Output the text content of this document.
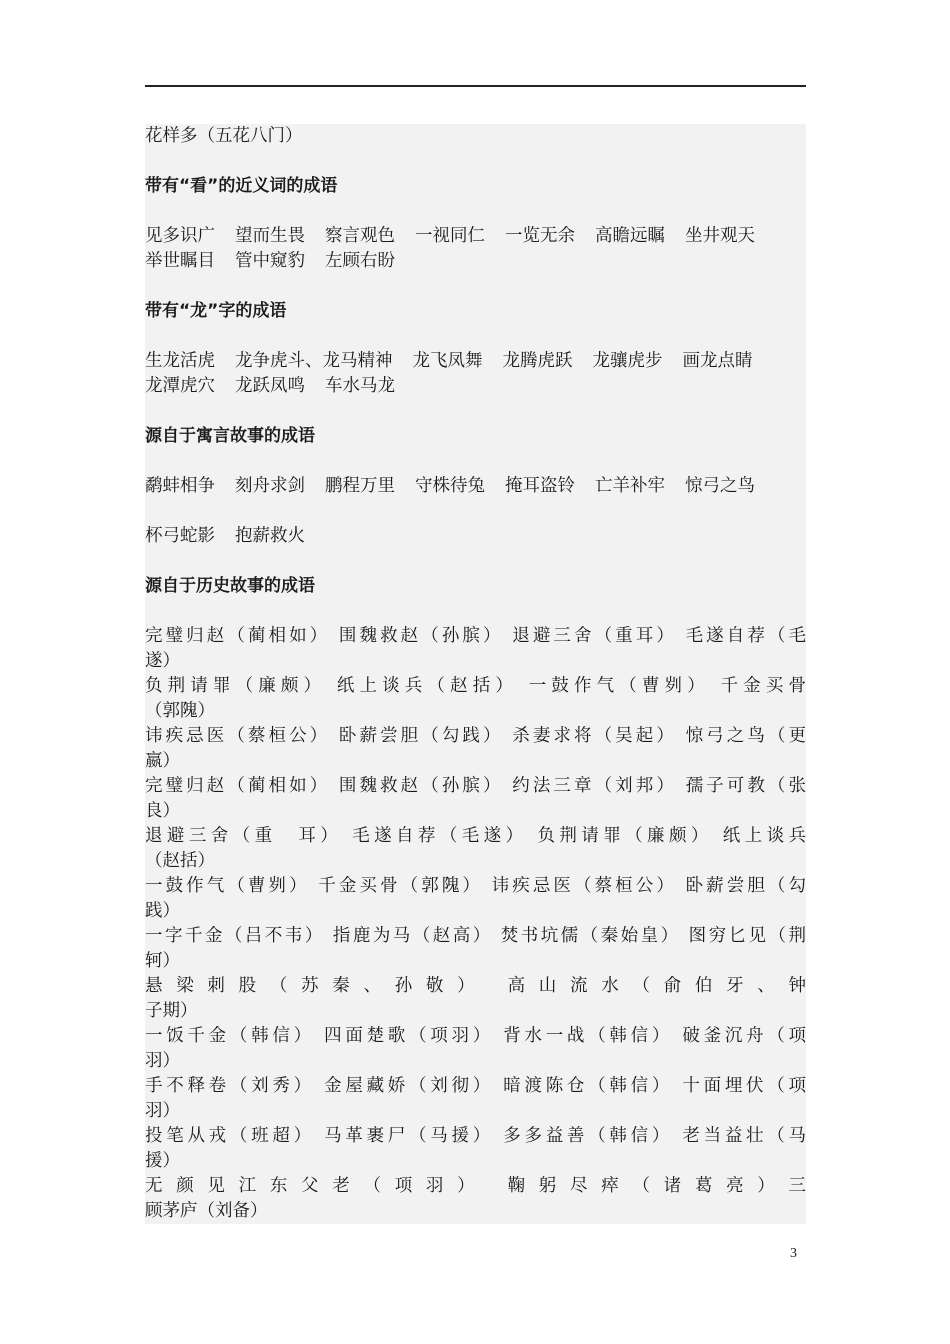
花样多（五花八门）
带有“看”的近义词的成语
见多识广 望而生畏 察言观色 一视同仁 一览无余 高瞻远瞩 坐井观天
举世瞩目 管中窥豹 左顾右盼
带有“龙”字的成语
生龙活虎 龙争虎斗、龙马精神 龙飞凤舞 龙腾虎跃 龙骧虎步 画龙点睛
龙潭虎穴 龙跃凤鸣 车水马龙
源自于寓言故事的成语
鹬蚌相争 刻舟求剑 鹏程万里 守株待兔 掩耳盗铃 亡羊补牢 惊弓之鸟
杯弓蛇影 抱薪救火
源自于历史故事的成语
完璧归赵（蔺相如） 围魏救赵（孙膑） 退避三舍（重耳） 毛遂自荐（毛
遂）
负荆请罪（廉颇） 纸上谈兵（赵括） 一鼓作气（曹刿） 千金买骨
（郭隗）
讳疾忌医（蔡桓公） 卧薪尝胆（勾践） 杀妻求将（吴起） 惊弓之鸟（更
嬴）
完璧归赵（蔺相如） 围魏救赵（孙膑） 约法三章（刘邦） 孺子可教（张
良）
退避三舍（重　耳） 毛遂自荐（毛遂） 负荆请罪（廉颇） 纸上谈兵
（赵括）
一鼓作气（曹刿） 千金买骨（郭隗） 讳疾忌医（蔡桓公） 卧薪尝胆（勾
践）
一字千金（吕不韦） 指鹿为马（赵高） 焚书坑儒（秦始皇） 图穷匕见（荆
轲）
悬梁刺股（苏秦、孙敬） 高山流水（俞伯牙、钟
子期）
一饭千金（韩信） 四面楚歌（项羽） 背水一战（韩信） 破釜沉舟（项
羽）
手不释卷（刘秀） 金屋藏娇（刘彻） 暗渡陈仓（韩信） 十面埋伏（项
羽）
投笔从戎（班超） 马革裹尸（马援） 多多益善（韩信） 老当益壮（马
援）
无颜见江东父老（项羽） 鞠躬尽瘁（诸葛亮）三
顾茅庐（刘备）
3
